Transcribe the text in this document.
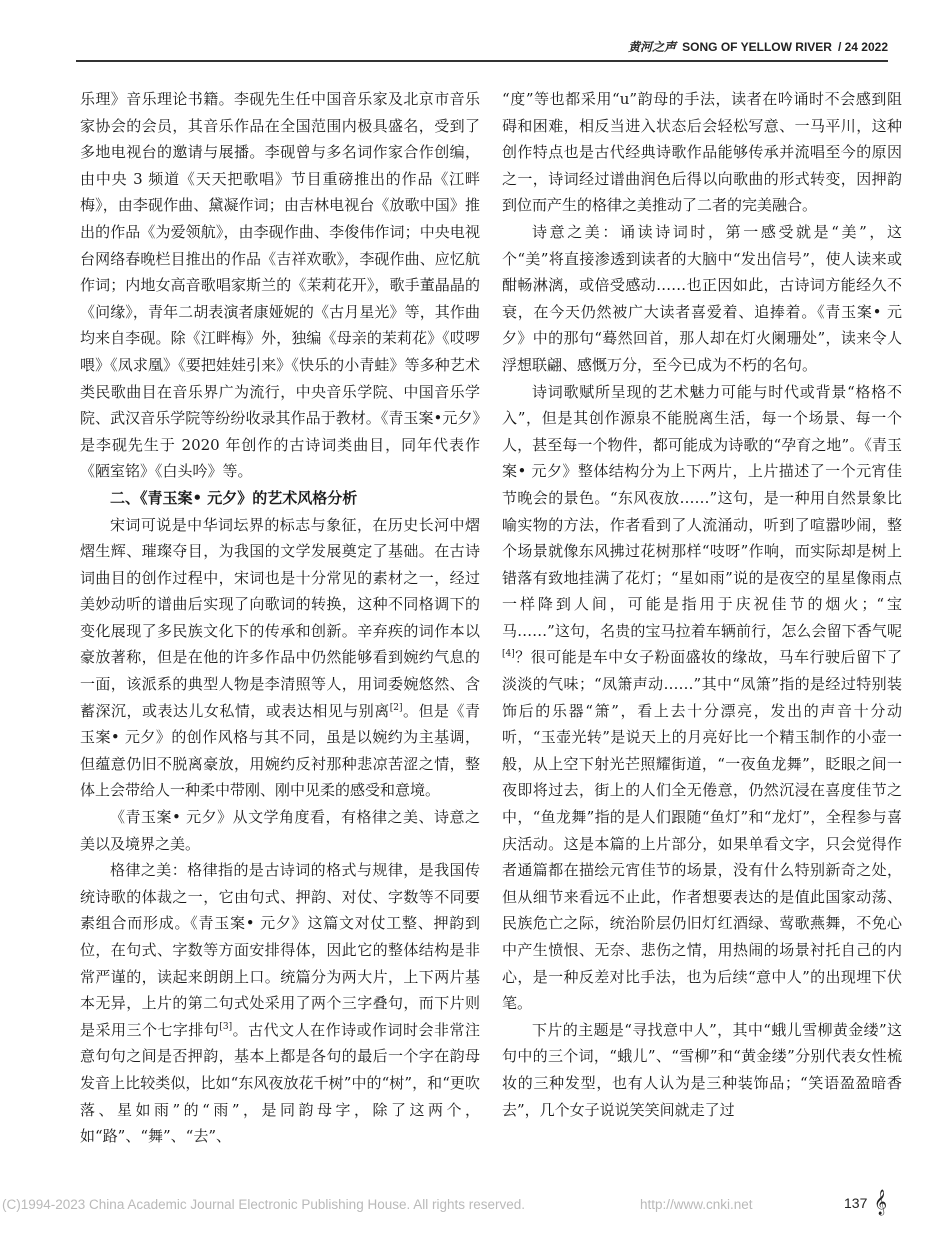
黄河之声 SONG OF YELLOW RIVER / 24 2022

乐理》音乐理论书籍。李砚先生任中国音乐家及北京市音乐家协会的会员，其音乐作品在全国范围内极具盛名，受到了多地电视台的邀请与展播。李砚曾与多名词作家合作创编，由中央 3 频道《天天把歌唱》节目重磅推出的作品《江畔梅》，由李砚作曲、黛凝作词；由吉林电视台《放歌中国》推出的作品《为爱领航》，由李砚作曲、李俊伟作词；中央电视台网络春晚栏目推出的作品《吉祥欢歌》，李砚作曲、应忆航作词；内地女高音歌唱家斯兰的《茉莉花开》，歌手董晶晶的《问缘》，青年二胡表演者康娅妮的《古月星光》等，其作曲均来自李砚。除《江畔梅》外，独编《母亲的茉莉花》《哎啰喂》《凤求凰》《要把娃娃引来》《快乐的小青蛙》等多种艺术类民歌曲目在音乐界广为流行，中央音乐学院、中国音乐学院、武汉音乐学院等纷纷收录其作品于教材。《青玉案•元夕》是李砚先生于 2020 年创作的古诗词类曲目，同年代表作《陋室铭》《白头吟》等。

二、《青玉案• 元夕》的艺术风格分析

宋词可说是中华词坛界的标志与象征，在历史长河中熠熠生辉、璀璨夺目，为我国的文学发展奠定了基础。在古诗词曲目的创作过程中，宋词也是十分常见的素材之一，经过美妙动听的谱曲后实现了向歌词的转换，这种不同格调下的变化展现了多民族文化下的传承和创新。辛弃疾的词作本以豪放著称，但是在他的许多作品中仍然能够看到婉约气息的一面，该派系的典型人物是李清照等人，用词委婉悠然、含蓄深沉，或表达儿女私情，或表达相见与别离[2]。但是《青玉案• 元夕》的创作风格与其不同，虽是以婉约为主基调，但蕴意仍旧不脱离豪放，用婉约反衬那种悲凉苦涩之情，整体上会带给人一种柔中带刚、刚中见柔的感受和意境。

《青玉案• 元夕》从文学角度看，有格律之美、诗意之美以及境界之美。

格律之美：格律指的是古诗词的格式与规律，是我国传统诗歌的体裁之一，它由句式、押韵、对仗、字数等不同要素组合而形成。《青玉案• 元夕》这篇文对仗工整、押韵到位，在句式、字数等方面安排得体，因此它的整体结构是非常严谨的，读起来朗朗上口。统篇分为两大片，上下两片基本无异，上片的第二句式处采用了两个三字叠句，而下片则是采用三个七字排句[3]。古代文人在作诗或作词时会非常注意句句之间是否押韵，基本上都是各句的最后一个字在韵母发音上比较类似，比如“东风夜放花千树”中的“树”，和“更吹落、星如雨”的“雨”，是同韵母字，除了这两个，如“路”、“舞”、“去”、

“度”等也都采用“u”韵母的手法，读者在吟诵时不会感到阻碍和困难，相反当进入状态后会轻松写意、一马平川，这种创作特点也是古代经典诗歌作品能够传承并流唱至今的原因之一，诗词经过谱曲润色后得以向歌曲的形式转变，因押韵到位而产生的格律之美推动了二者的完美融合。

诗意之美：诵读诗词时，第一感受就是“美”，这个“美”将直接渗透到读者的大脑中“发出信号”，使人读来或酣畅淋漓，或倍受感动……也正因如此，古诗词方能经久不衰，在今天仍然被广大读者喜爱着、追捧着。《青玉案• 元夕》中的那句“蓦然回首，那人却在灯火阑珊处”，读来令人浮想联翩、感慨万分，至今已成为不朽的名句。

诗词歌赋所呈现的艺术魅力可能与时代或背景“格格不入”，但是其创作源泉不能脱离生活，每一个场景、每一个人，甚至每一个物件，都可能成为诗歌的“孕育之地”。《青玉案• 元夕》整体结构分为上下两片，上片描述了一个元宵佳节晚会的景色。“东风夜放……”这句，是一种用自然景象比喻实物的方法，作者看到了人流涌动，听到了喧嚣吵闹，整个场景就像东风拂过花树那样“吱呀”作响，而实际却是树上错落有致地挂满了花灯；“星如雨”说的是夜空的星星像雨点一样降到人间，可能是指用于庆祝佳节的烟火；“宝马……”这句，名贵的宝马拉着车辆前行，怎么会留下香气呢[4]？很可能是车中女子粉面盛妆的缘故，马车行驶后留下了淡淡的气味；“凤箫声动……”其中“凤箫”指的是经过特别装饰后的乐器“箫”，看上去十分漂亮，发出的声音十分动听，“玉壶光转”是说天上的月亮好比一个精玉制作的小壶一般，从上空下射光芒照耀街道，“一夜鱼龙舞”，眨眼之间一夜即将过去，街上的人们全无倦意，仍然沉浸在喜度佳节之中，“鱼龙舞”指的是人们跟随“鱼灯”和“龙灯”，全程参与喜庆活动。这是本篇的上片部分，如果单看文字，只会觉得作者通篇都在描绘元宵佳节的场景，没有什么特别新奇之处，但从细节来看远不止此，作者想要表达的是值此国家动荡、民族危亡之际，统治阶层仍旧灯红酒绿、莺歌燕舞，不免心中产生愤恨、无奈、悲伤之情，用热闹的场景衬托自己的内心，是一种反差对比手法，也为后续“意中人”的出现埋下伏笔。

下片的主题是“寻找意中人”，其中“蛾儿雪柳黄金缕”这句中的三个词，“蛾儿”、“雪柳”和“黄金缕”分别代表女性梳妆的三种发型，也有人认为是三种装饰品；“笑语盈盈暗香去”，几个女子说说笑笑间就走了过

(C)1994-2023 China Academic Journal Electronic Publishing House. All rights reserved.	http://www.cnki.net	137 𝄞
